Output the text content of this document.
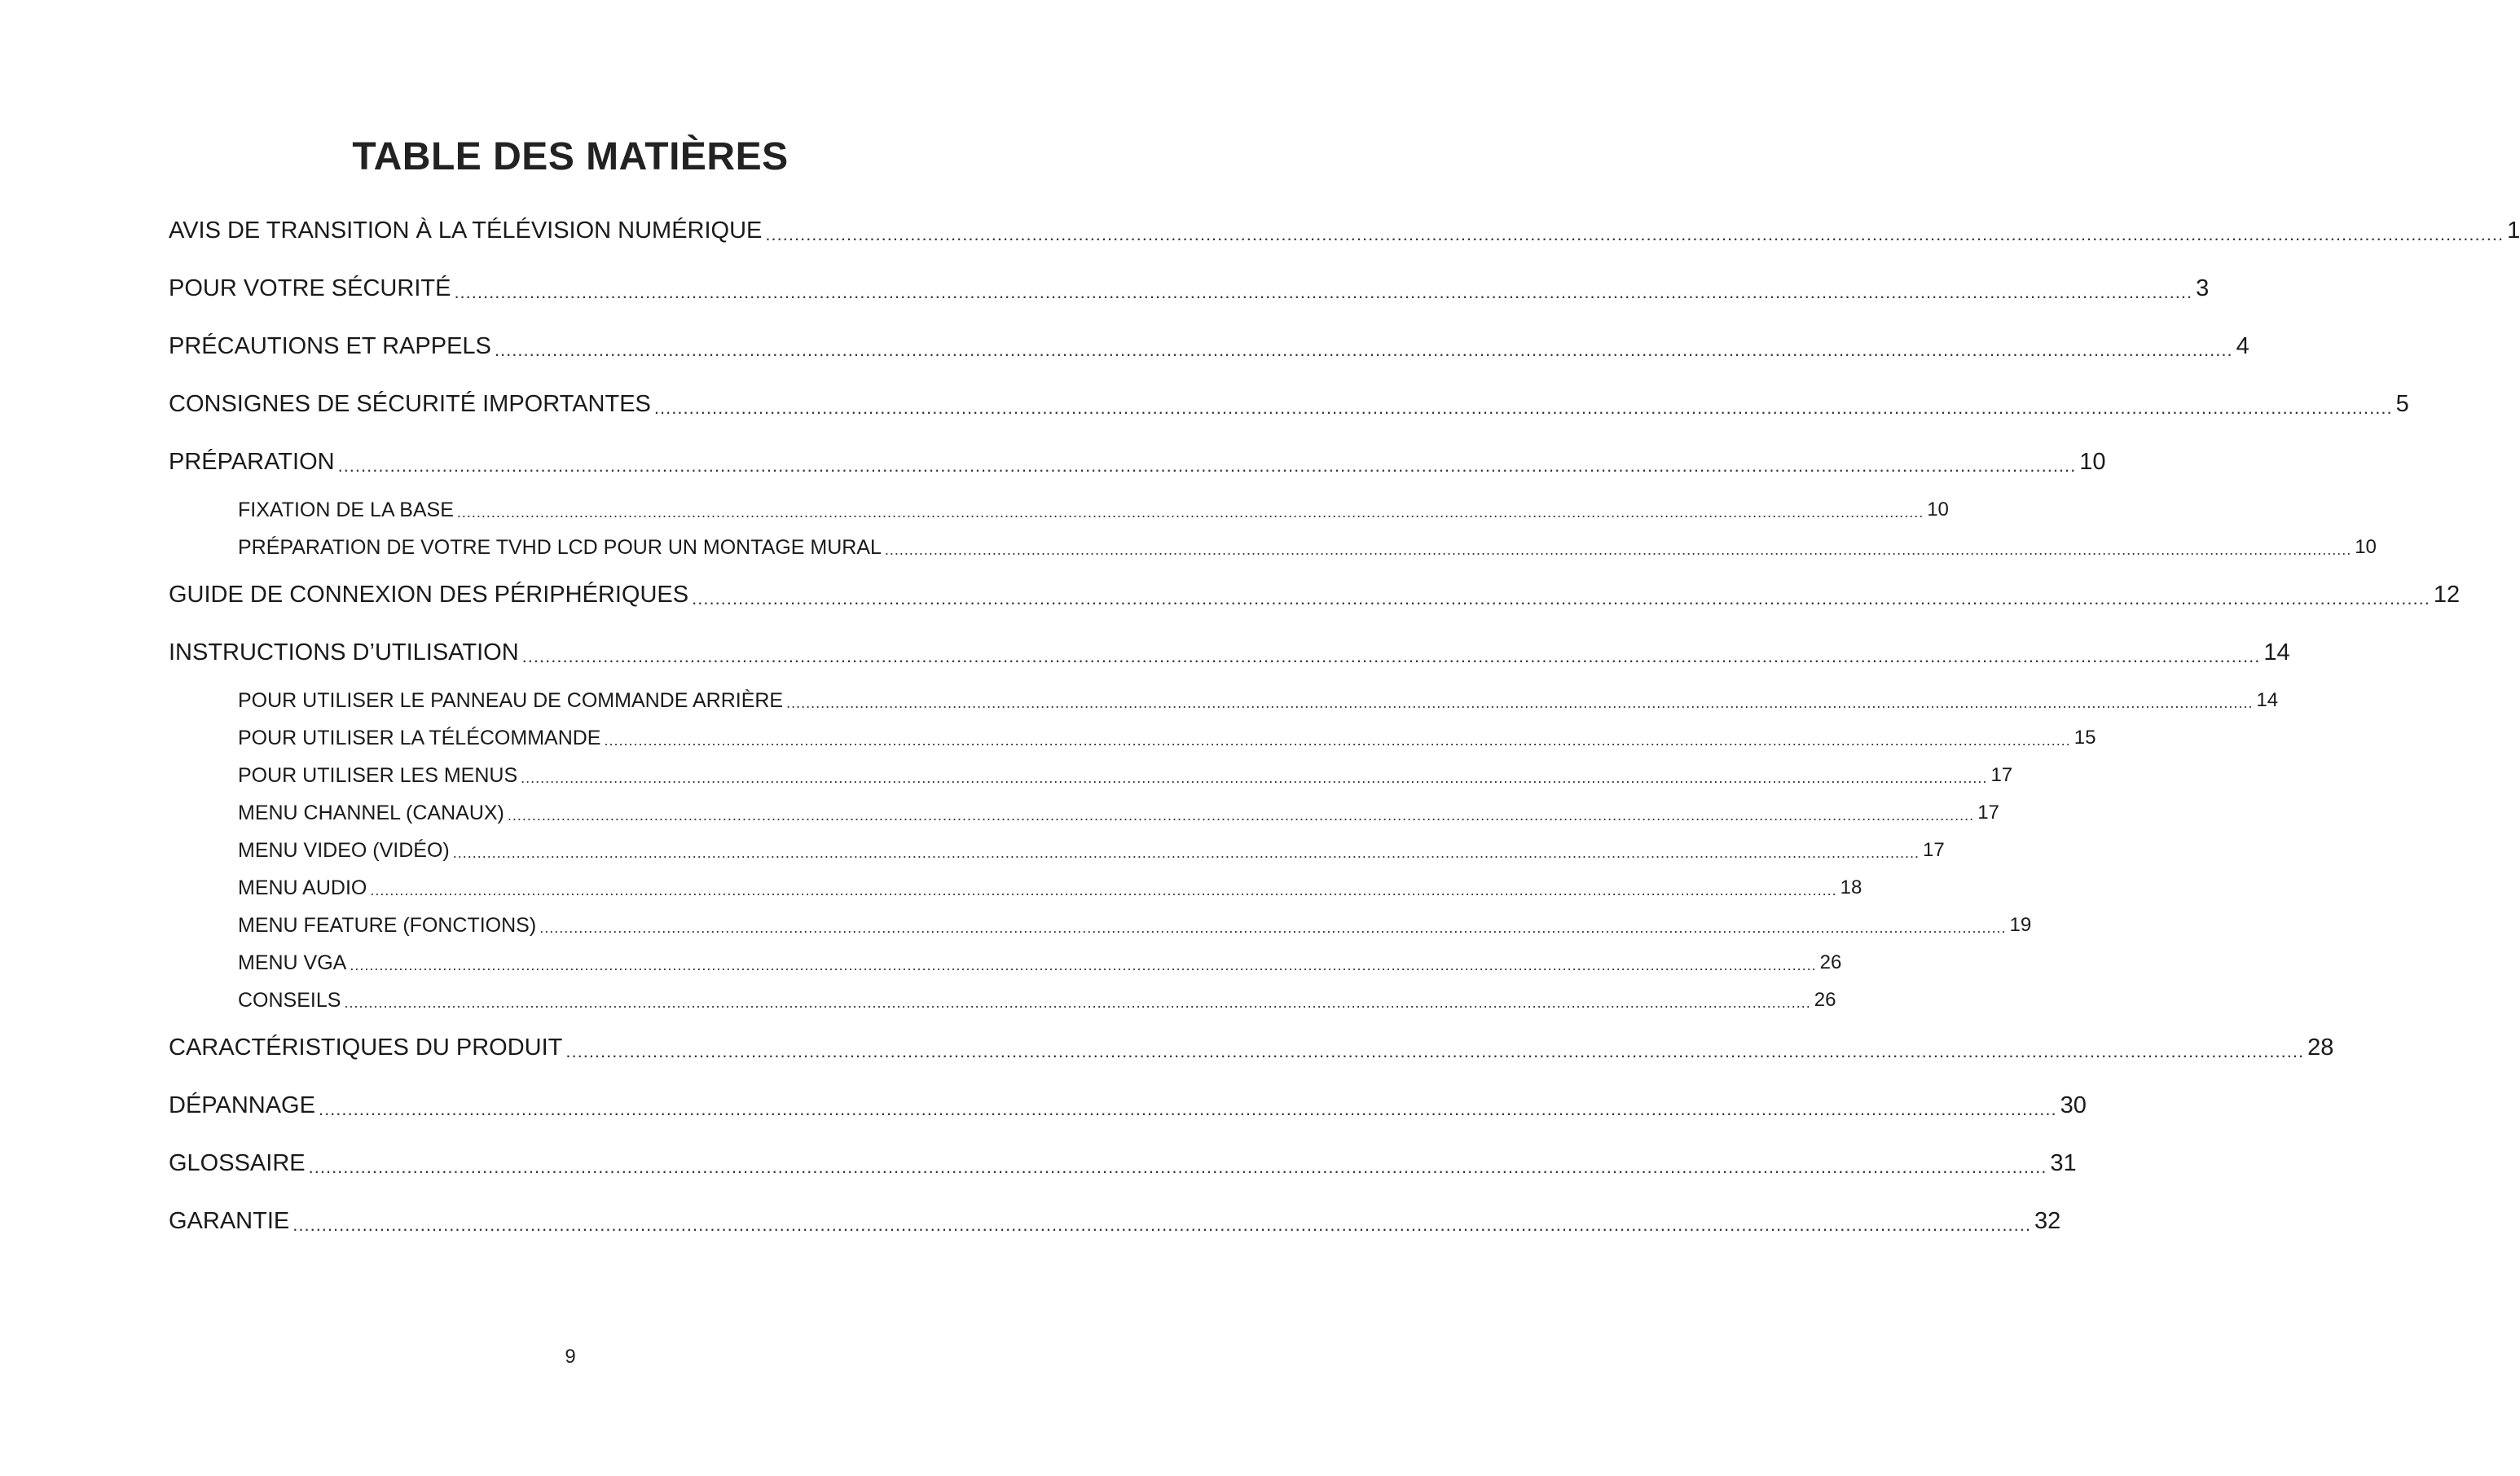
TABLE DES MATIÈRES
AVIS DE TRANSITION À LA TÉLÉVISION NUMÉRIQUE ............................................................................................................................................................................................................................................................................................................ 1
POUR VOTRE SÉCURITÉ ............................................................................................................................................................................................................................................................................................................ 3
PRÉCAUTIONS ET RAPPELS ............................................................................................................................................................................................................................................................................................................ 4
CONSIGNES DE SÉCURITÉ IMPORTANTES ............................................................................................................................................................................................................................................................................................................ 5
PRÉPARATION ............................................................................................................................................................................................................................................................................................................ 10
FIXATION DE LA BASE ............................................................................................................................................................................................................................................................................................................ 10
PRÉPARATION DE VOTRE TVHD LCD POUR UN MONTAGE MURAL ............................................................................................................................................................................................................................................................................................................ 10
GUIDE DE CONNEXION DES PÉRIPHÉRIQUES ............................................................................................................................................................................................................................................................................................................ 12
INSTRUCTIONS D’UTILISATION ............................................................................................................................................................................................................................................................................................................ 14
POUR UTILISER LE PANNEAU DE COMMANDE ARRIÈRE ............................................................................................................................................................................................................................................................................................................ 14
POUR UTILISER LA TÉLÉCOMMANDE ............................................................................................................................................................................................................................................................................................................ 15
POUR UTILISER LES MENUS ............................................................................................................................................................................................................................................................................................................ 17
MENU CHANNEL (CANAUX) ............................................................................................................................................................................................................................................................................................................ 17
MENU VIDEO (VIDÉO) ............................................................................................................................................................................................................................................................................................................ 17
MENU AUDIO ............................................................................................................................................................................................................................................................................................................ 18
MENU FEATURE (FONCTIONS) ............................................................................................................................................................................................................................................................................................................ 19
MENU VGA ............................................................................................................................................................................................................................................................................................................ 26
CONSEILS ............................................................................................................................................................................................................................................................................................................ 26
CARACTÉRISTIQUES DU PRODUIT ............................................................................................................................................................................................................................................................................................................ 28
DÉPANNAGE ............................................................................................................................................................................................................................................................................................................ 30
GLOSSAIRE ............................................................................................................................................................................................................................................................................................................ 31
GARANTIE ............................................................................................................................................................................................................................................................................................................ 32
9
